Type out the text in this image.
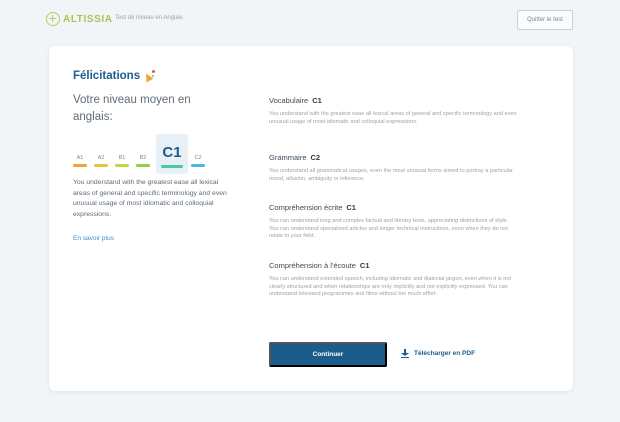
ALTISSIA Test de niveau en Anglais	Quitter le test
Félicitations
Votre niveau moyen en anglais:
A1	A2	B1	B2	C1	C2
You understand with the greatest ease all lexical areas of general and specific terminology and even unusual usage of most idiomatic and colloquial expressions.
En savoir plus
Vocabulaire C1

You understand with the greatest ease all lexical areas of general and specific terminology and even unusual usage of most idiomatic and colloquial expressions.

Grammaire C2

You understand all grammatical usages, even the most unusual forms aimed to portray a particular mood, allusion, ambiguity or inference.

Compréhension écrite C1

You can understand long and complex factual and literary texts, appreciating distinctions of style. You can understand specialised articles and longer technical instructions, even when they do not relate to your field.

Compréhension à l'écoute C1

You can understand extended speech, including idiomatic and dialectal jargon, even when it is not clearly structured and when relationships are only implicitly and not explicitly expressed. You can understand televised programmes and films without too much effort.

Continuer	Télécharger en PDF
